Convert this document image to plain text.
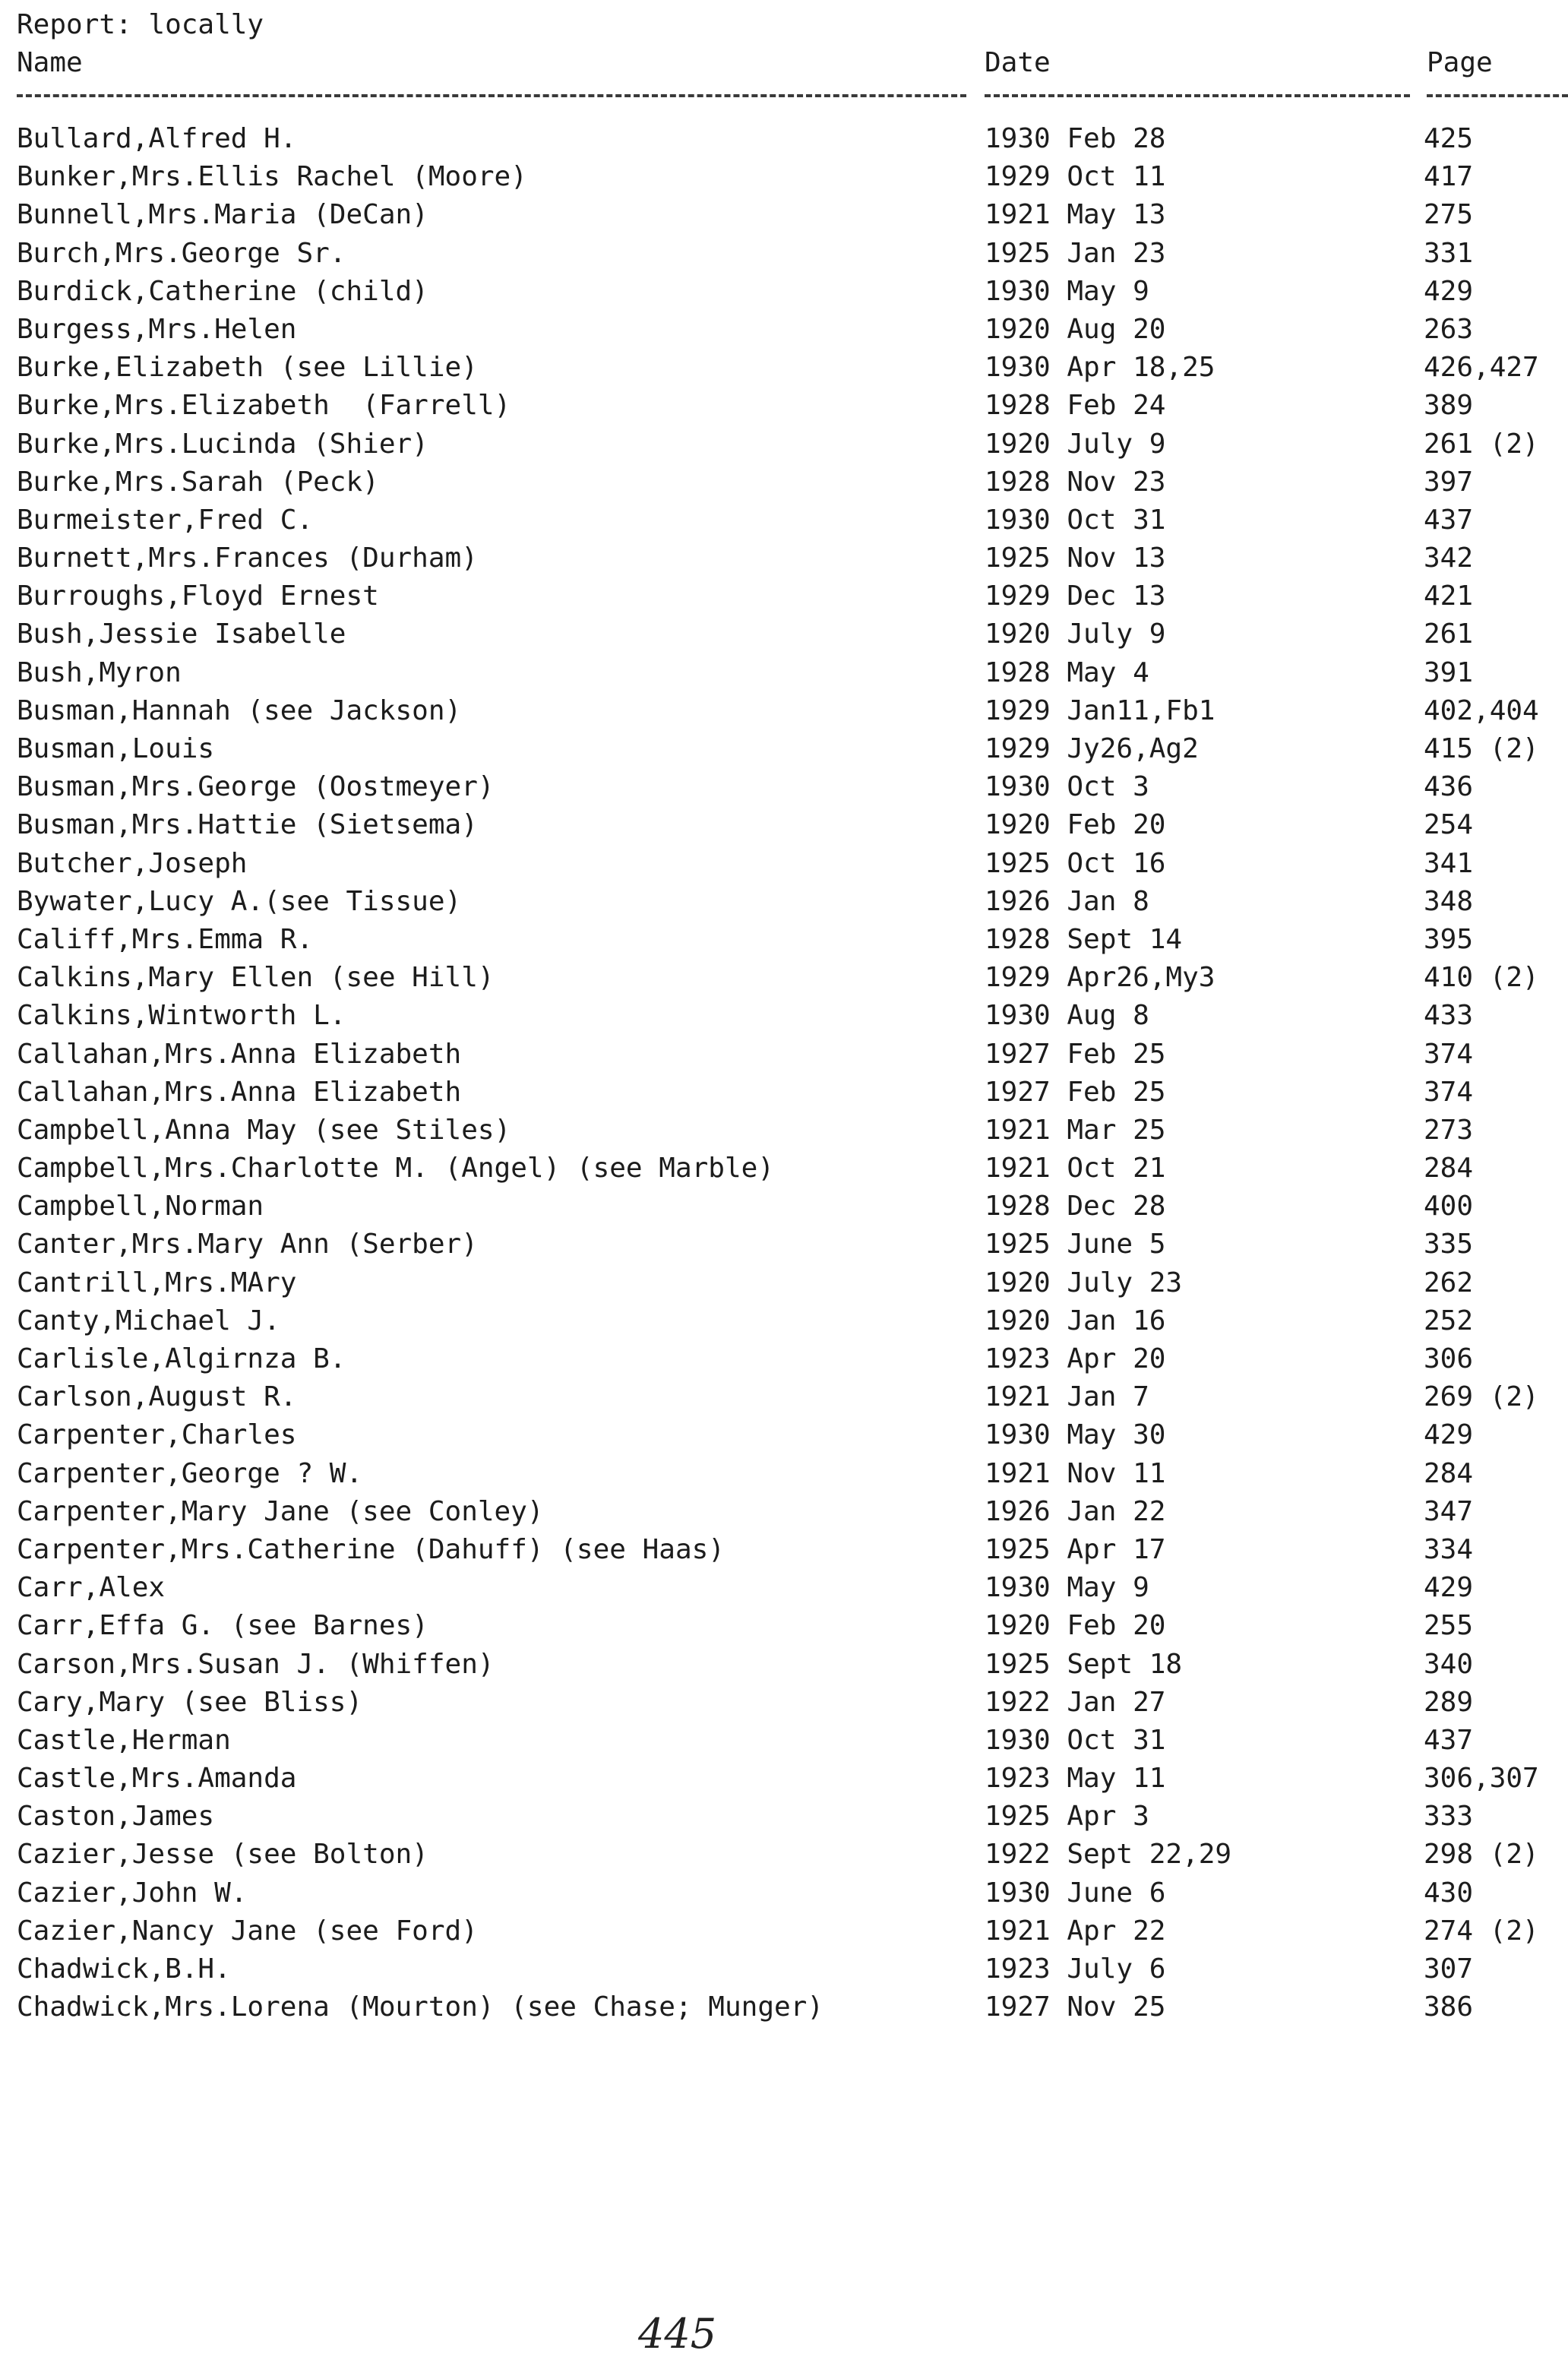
Report: locally
Name	Date	Page
Bullard,Alfred H.	1930 Feb 28	425
Bunker,Mrs.Ellis Rachel (Moore)	1929 Oct 11	417
Bunnell,Mrs.Maria (DeCan)	1921 May 13	275
Burch,Mrs.George Sr.	1925 Jan 23	331
Burdick,Catherine (child)	1930 May 9	429
Burgess,Mrs.Helen	1920 Aug 20	263
Burke,Elizabeth (see Lillie)	1930 Apr 18,25	426,427
Burke,Mrs.Elizabeth  (Farrell)	1928 Feb 24	389
Burke,Mrs.Lucinda (Shier)	1920 July 9	261 (2)
Burke,Mrs.Sarah (Peck)	1928 Nov 23	397
Burmeister,Fred C.	1930 Oct 31	437
Burnett,Mrs.Frances (Durham)	1925 Nov 13	342
Burroughs,Floyd Ernest	1929 Dec 13	421
Bush,Jessie Isabelle	1920 July 9	261
Bush,Myron	1928 May 4	391
Busman,Hannah (see Jackson)	1929 Jan11,Fb1	402,404
Busman,Louis	1929 Jy26,Ag2	415 (2)
Busman,Mrs.George (Oostmeyer)	1930 Oct 3	436
Busman,Mrs.Hattie (Sietsema)	1920 Feb 20	254
Butcher,Joseph	1925 Oct 16	341
Bywater,Lucy A.(see Tissue)	1926 Jan 8	348
Califf,Mrs.Emma R.	1928 Sept 14	395
Calkins,Mary Ellen (see Hill)	1929 Apr26,My3	410 (2)
Calkins,Wintworth L.	1930 Aug 8	433
Callahan,Mrs.Anna Elizabeth	1927 Feb 25	374
Callahan,Mrs.Anna Elizabeth	1927 Feb 25	374
Campbell,Anna May (see Stiles)	1921 Mar 25	273
Campbell,Mrs.Charlotte M. (Angel) (see Marble)	1921 Oct 21	284
Campbell,Norman	1928 Dec 28	400
Canter,Mrs.Mary Ann (Serber)	1925 June 5	335
Cantrill,Mrs.MAry	1920 July 23	262
Canty,Michael J.	1920 Jan 16	252
Carlisle,Algirnza B.	1923 Apr 20	306
Carlson,August R.	1921 Jan 7	269 (2)
Carpenter,Charles	1930 May 30	429
Carpenter,George ? W.	1921 Nov 11	284
Carpenter,Mary Jane (see Conley)	1926 Jan 22	347
Carpenter,Mrs.Catherine (Dahuff) (see Haas)	1925 Apr 17	334
Carr,Alex	1930 May 9	429
Carr,Effa G. (see Barnes)	1920 Feb 20	255
Carson,Mrs.Susan J. (Whiffen)	1925 Sept 18	340
Cary,Mary (see Bliss)	1922 Jan 27	289
Castle,Herman	1930 Oct 31	437
Castle,Mrs.Amanda	1923 May 11	306,307
Caston,James	1925 Apr 3	333
Cazier,Jesse (see Bolton)	1922 Sept 22,29	298 (2)
Cazier,John W.	1930 June 6	430
Cazier,Nancy Jane (see Ford)	1921 Apr 22	274 (2)
Chadwick,B.H.	1923 July 6	307
Chadwick,Mrs.Lorena (Mourton) (see Chase; Munger)	1927 Nov 25	386
445
